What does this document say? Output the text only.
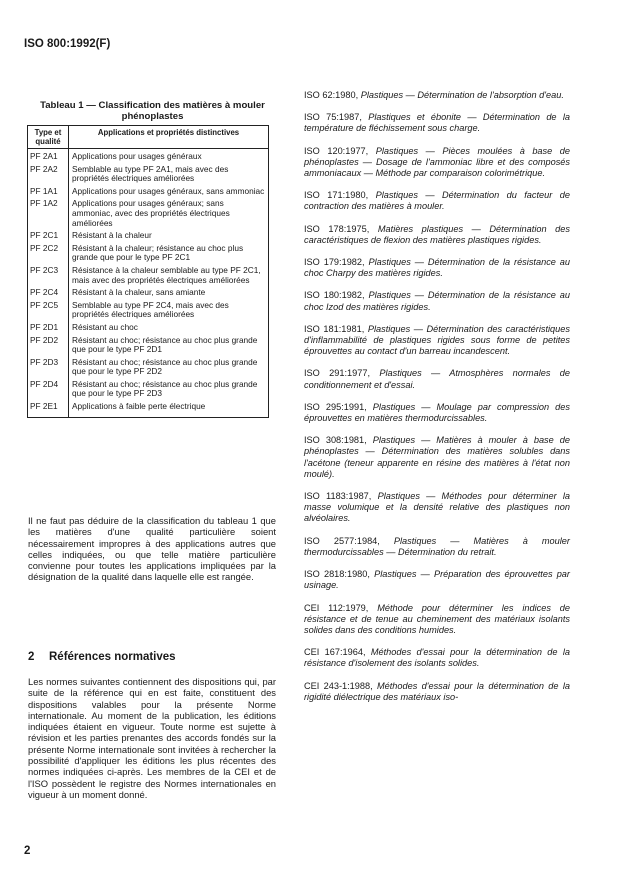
ISO 800:1992(F)
Tableau 1 — Classification des matières à mouler phénoplastes
Type et qualité	Applications et propriétés distinctives
PF 2A1	Applications pour usages généraux
PF 2A2	Semblable au type PF 2A1, mais avec des propriétés électriques améliorées
PF 1A1	Applications pour usages généraux, sans ammoniac
PF 1A2	Applications pour usages généraux; sans ammoniac, avec des propriétés électriques améliorées
PF 2C1	Résistant à la chaleur
PF 2C2	Résistant à la chaleur; résistance au choc plus grande que pour le type PF 2C1
PF 2C3	Résistance à la chaleur semblable au type PF 2C1, mais avec des propriétés électriques améliorées
PF 2C4	Résistant à la chaleur, sans amiante
PF 2C5	Semblable au type PF 2C4, mais avec des propriétés électriques améliorées
PF 2D1	Résistant au choc
PF 2D2	Résistant au choc; résistance au choc plus grande que pour le type PF 2D1
PF 2D3	Résistant au choc; résistance au choc plus grande que pour le type PF 2D2
PF 2D4	Résistant au choc; résistance au choc plus grande que pour le type PF 2D3
PF 2E1	Applications à faible perte électrique

Il ne faut pas déduire de la classification du tableau 1 que les matières d'une qualité particulière soient nécessairement impropres à des applications autres que celles indiquées, ou que telle matière particulière convienne pour toutes les applications impliquées par la désignation de la qualité dans laquelle elle est rangée.

2 Références normatives

Les normes suivantes contiennent des dispositions qui, par suite de la référence qui en est faite, constituent des dispositions valables pour la présente Norme internationale. Au moment de la publication, les éditions indiquées étaient en vigueur. Toute norme est sujette à révision et les parties prenantes des accords fondés sur la présente Norme internationale sont invitées à rechercher la possibilité d'appliquer les éditions les plus récentes des normes indiquées ci-après. Les membres de la CEI et de l'ISO possèdent le registre des Normes internationales en vigueur à un moment donné.

ISO 62:1980, Plastiques — Détermination de l'absorption d'eau.

ISO 75:1987, Plastiques et ébonite — Détermination de la température de fléchissement sous charge.

ISO 120:1977, Plastiques — Pièces moulées à base de phénoplastes — Dosage de l'ammoniac libre et des composés ammoniacaux — Méthode par comparaison colorimétrique.

ISO 171:1980, Plastiques — Détermination du facteur de contraction des matières à mouler.

ISO 178:1975, Matières plastiques — Détermination des caractéristiques de flexion des matières plastiques rigides.

ISO 179:1982, Plastiques — Détermination de la résistance au choc Charpy des matières rigides.

ISO 180:1982, Plastiques — Détermination de la résistance au choc Izod des matières rigides.

ISO 181:1981, Plastiques — Détermination des caractéristiques d'inflammabilité de plastiques rigides sous forme de petites éprouvettes au contact d'un barreau incandescent.

ISO 291:1977, Plastiques — Atmosphères normales de conditionnement et d'essai.

ISO 295:1991, Plastiques — Moulage par compression des éprouvettes en matières thermodurcissables.

ISO 308:1981, Plastiques — Matières à mouler à base de phénoplastes — Détermination des matières solubles dans l'acétone (teneur apparente en résine des matières à l'état non moulé).

ISO 1183:1987, Plastiques — Méthodes pour déterminer la masse volumique et la densité relative des plastiques non alvéolaires.

ISO 2577:1984, Plastiques — Matières à mouler thermodurcissables — Détermination du retrait.

ISO 2818:1980, Plastiques — Préparation des éprouvettes par usinage.

CEI 112:1979, Méthode pour déterminer les indices de résistance et de tenue au cheminement des matériaux isolants solides dans des conditions humides.

CEI 167:1964, Méthodes d'essai pour la détermination de la résistance d'isolement des isolants solides.

CEI 243-1:1988, Méthodes d'essai pour la détermination de la rigidité diélectrique des matériaux iso-

2
